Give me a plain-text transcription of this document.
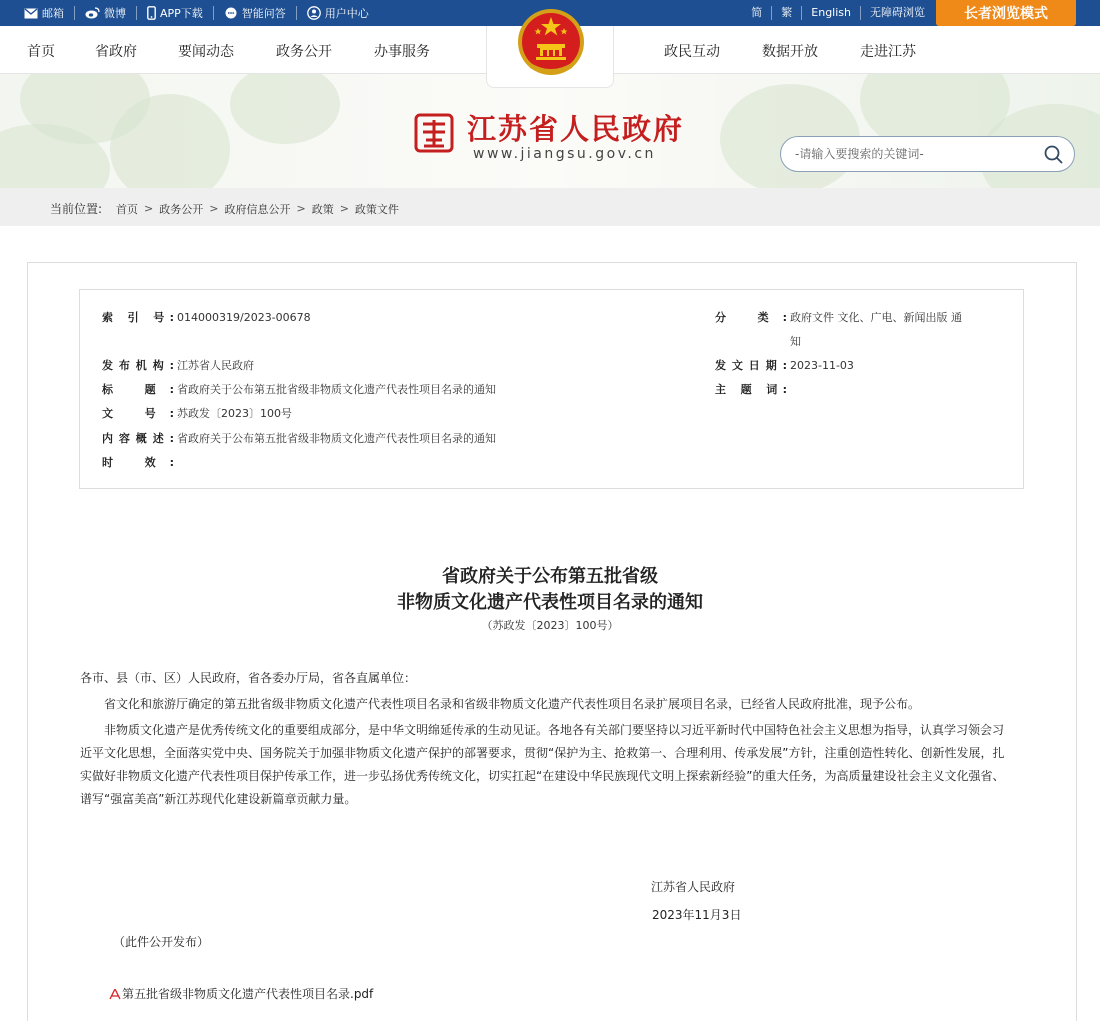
邮箱	微博	APP下载	智能问答	用户中心	简	繁	English	无障碍浏览	长者浏览模式
首页	省政府	要闻动态	政务公开	办事服务	政民互动	数据开放	走进江苏
江苏省人民政府
www.jiangsu.gov.cn
-请输入要搜索的关键词-
当前位置: 首页 > 政务公开 > 政府信息公开 > 政策 > 政策文件
索 引 号: 014000319/2023-00678	分 类: 政府文件 文化、广电、新闻出版 通
知
发布机构: 江苏省人民政府	发文日期: 2023-11-03
标 题: 省政府关于公布第五批省级非物质文化遗产代表性项目名录的通知	主 题 词:
文 号: 苏政发〔2023〕100号
内容概述: 省政府关于公布第五批省级非物质文化遗产代表性项目名录的通知
时 效:
省政府关于公布第五批省级
非物质文化遗产代表性项目名录的通知
（苏政发〔2023〕100号）

各市、县（市、区）人民政府，省各委办厅局，省各直属单位：

省文化和旅游厅确定的第五批省级非物质文化遗产代表性项目名录和省级非物质文化遗产代表性项目名录扩展项目名录，已经省人民政府批准，现予公布。

非物质文化遗产是优秀传统文化的重要组成部分，是中华文明绵延传承的生动见证。各地各有关部门要坚持以习近平新时代中国特色社会主义思想为指导，认真学习领会习近平文化思想，全面落实党中央、国务院关于加强非物质文化遗产保护的部署要求，贯彻“保护为主、抢救第一、合理利用、传承发展”方针，注重创造性转化、创新性发展，扎实做好非物质文化遗产代表性项目保护传承工作，进一步弘扬优秀传统文化，切实扛起“在建设中华民族现代文明上探索新经验”的重大任务，为高质量建设社会主义文化强省、谱写“强富美高”新江苏现代化建设新篇章贡献力量。

江苏省人民政府
2023年11月3日
（此件公开发布）
第五批省级非物质文化遗产代表性项目名录.pdf
